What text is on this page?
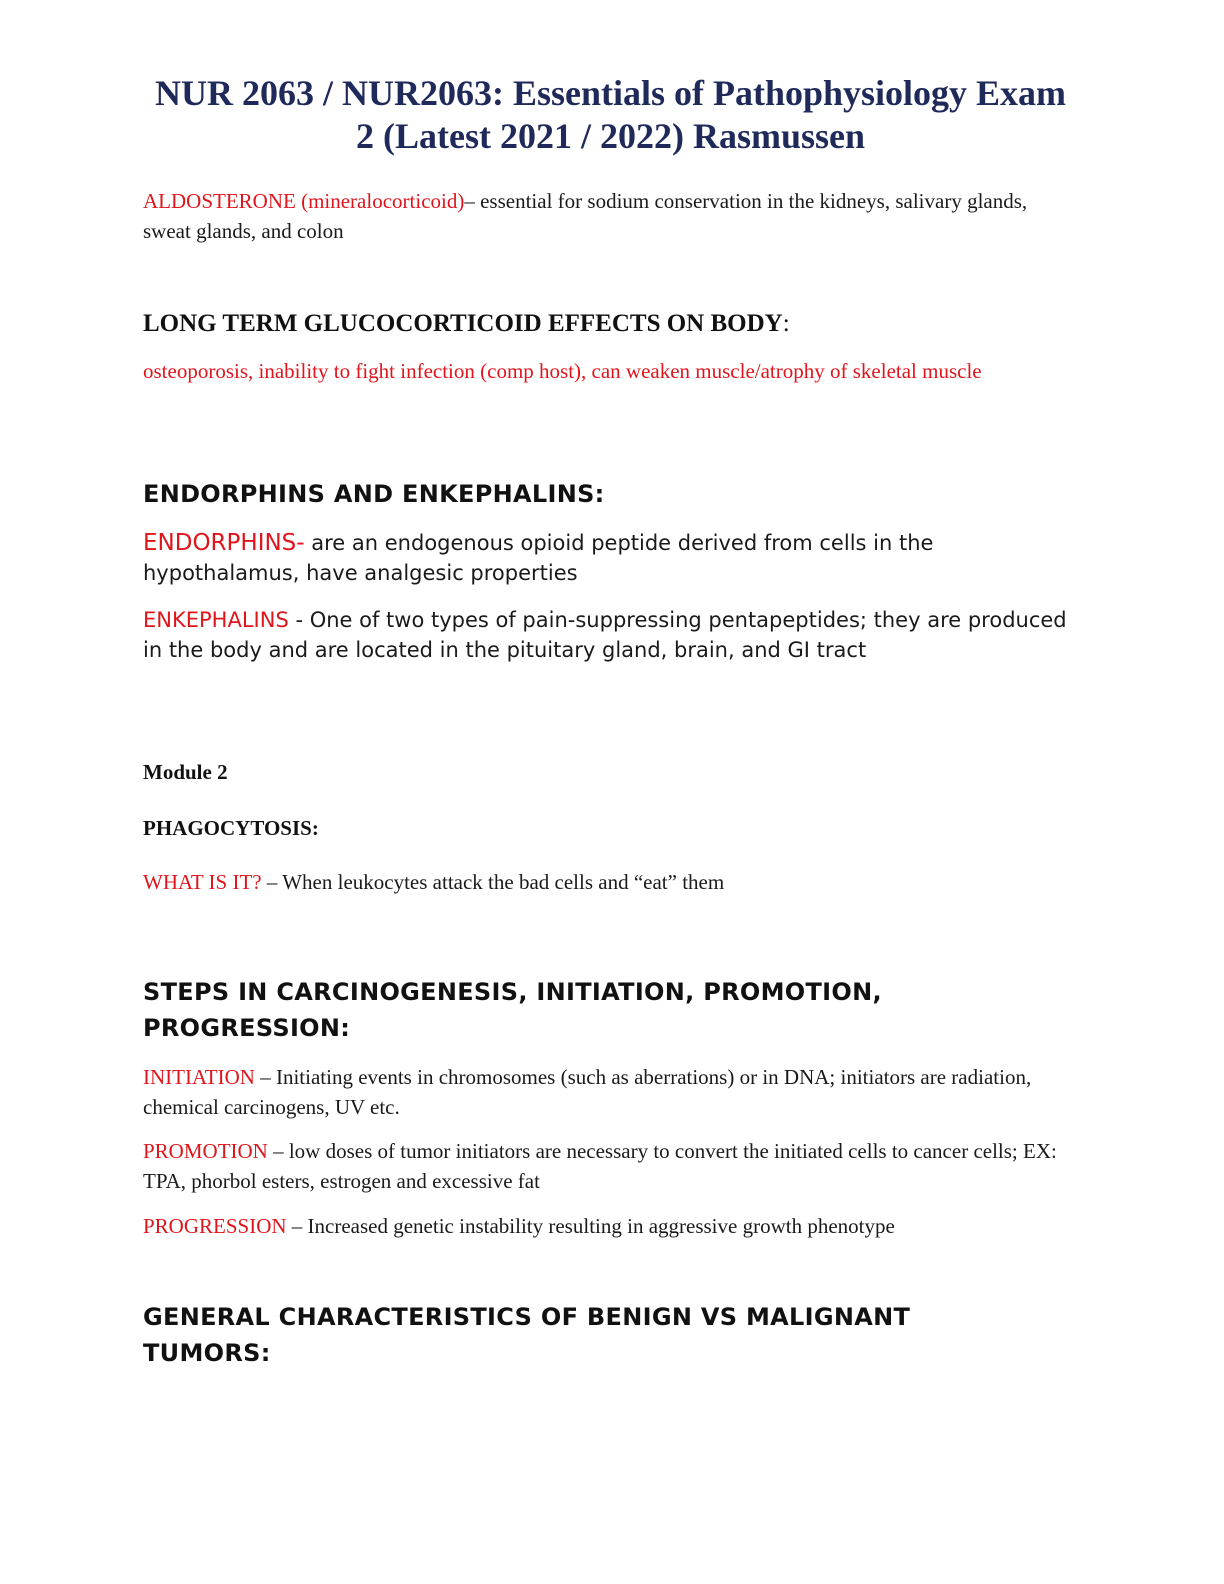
NUR 2063 / NUR2063: Essentials of Pathophysiology Exam
2 (Latest 2021 / 2022) Rasmussen

ALDOSTERONE (mineralocorticoid)– essential for sodium conservation in the kidneys, salivary glands, sweat glands, and colon

LONG TERM GLUCOCORTICOID EFFECTS ON BODY:

osteoporosis, inability to fight infection (comp host), can weaken muscle/atrophy of skeletal muscle

ENDORPHINS AND ENKEPHALINS:

ENDORPHINS- are an endogenous opioid peptide derived from cells in the hypothalamus, have analgesic properties

ENKEPHALINS - One of two types of pain-suppressing pentapeptides; they are produced in the body and are located in the pituitary gland, brain, and GI tract

Module 2

PHAGOCYTOSIS:

WHAT IS IT? – When leukocytes attack the bad cells and “eat” them

STEPS IN CARCINOGENESIS, INITIATION, PROMOTION, PROGRESSION:

INITIATION – Initiating events in chromosomes (such as aberrations) or in DNA; initiators are radiation, chemical carcinogens, UV etc.

PROMOTION – low doses of tumor initiators are necessary to convert the initiated cells to cancer cells; EX: TPA, phorbol esters, estrogen and excessive fat

PROGRESSION – Increased genetic instability resulting in aggressive growth phenotype

GENERAL CHARACTERISTICS OF BENIGN VS MALIGNANT TUMORS:
